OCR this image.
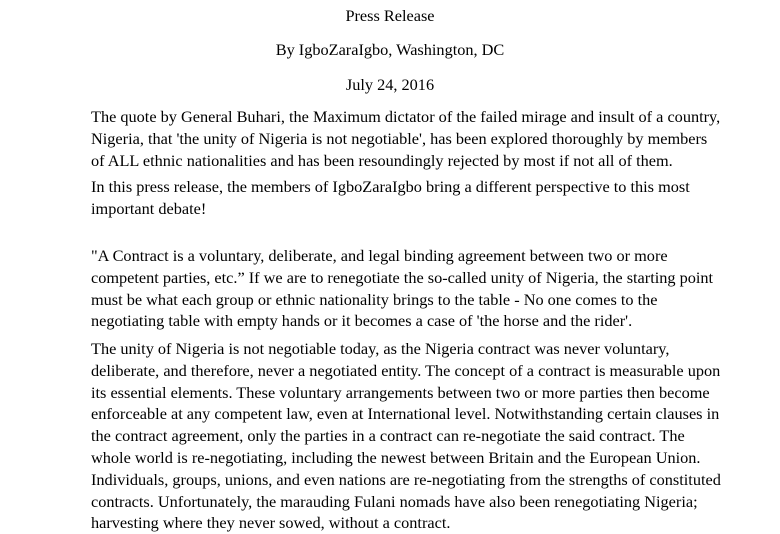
Press Release

By IgboZaraIgbo, Washington, DC

July 24, 2016

The quote by General Buhari, the Maximum dictator of the failed mirage and insult of a country,
Nigeria, that 'the unity of Nigeria is not negotiable', has been explored thoroughly by members
of ALL ethnic nationalities and has been resoundingly rejected by most if not all of them.

In this press release, the members of IgboZaraIgbo bring a different perspective to this most
important debate!

"A Contract is a voluntary, deliberate, and legal binding agreement between two or more
competent parties, etc.” If we are to renegotiate the so-called unity of Nigeria, the starting point
must be what each group or ethnic nationality brings to the table - No one comes to the
negotiating table with empty hands or it becomes a case of 'the horse and the rider'.

The unity of Nigeria is not negotiable today, as the Nigeria contract was never voluntary,
deliberate, and therefore, never a negotiated entity. The concept of a contract is measurable upon
its essential elements. These voluntary arrangements between two or more parties then become
enforceable at any competent law, even at International level. Notwithstanding certain clauses in
the contract agreement, only the parties in a contract can re-negotiate the said contract. The
whole world is re-negotiating, including the newest between Britain and the European Union.
Individuals, groups, unions, and even nations are re-negotiating from the strengths of constituted
contracts. Unfortunately, the marauding Fulani nomads have also been renegotiating Nigeria;
harvesting where they never sowed, without a contract.
